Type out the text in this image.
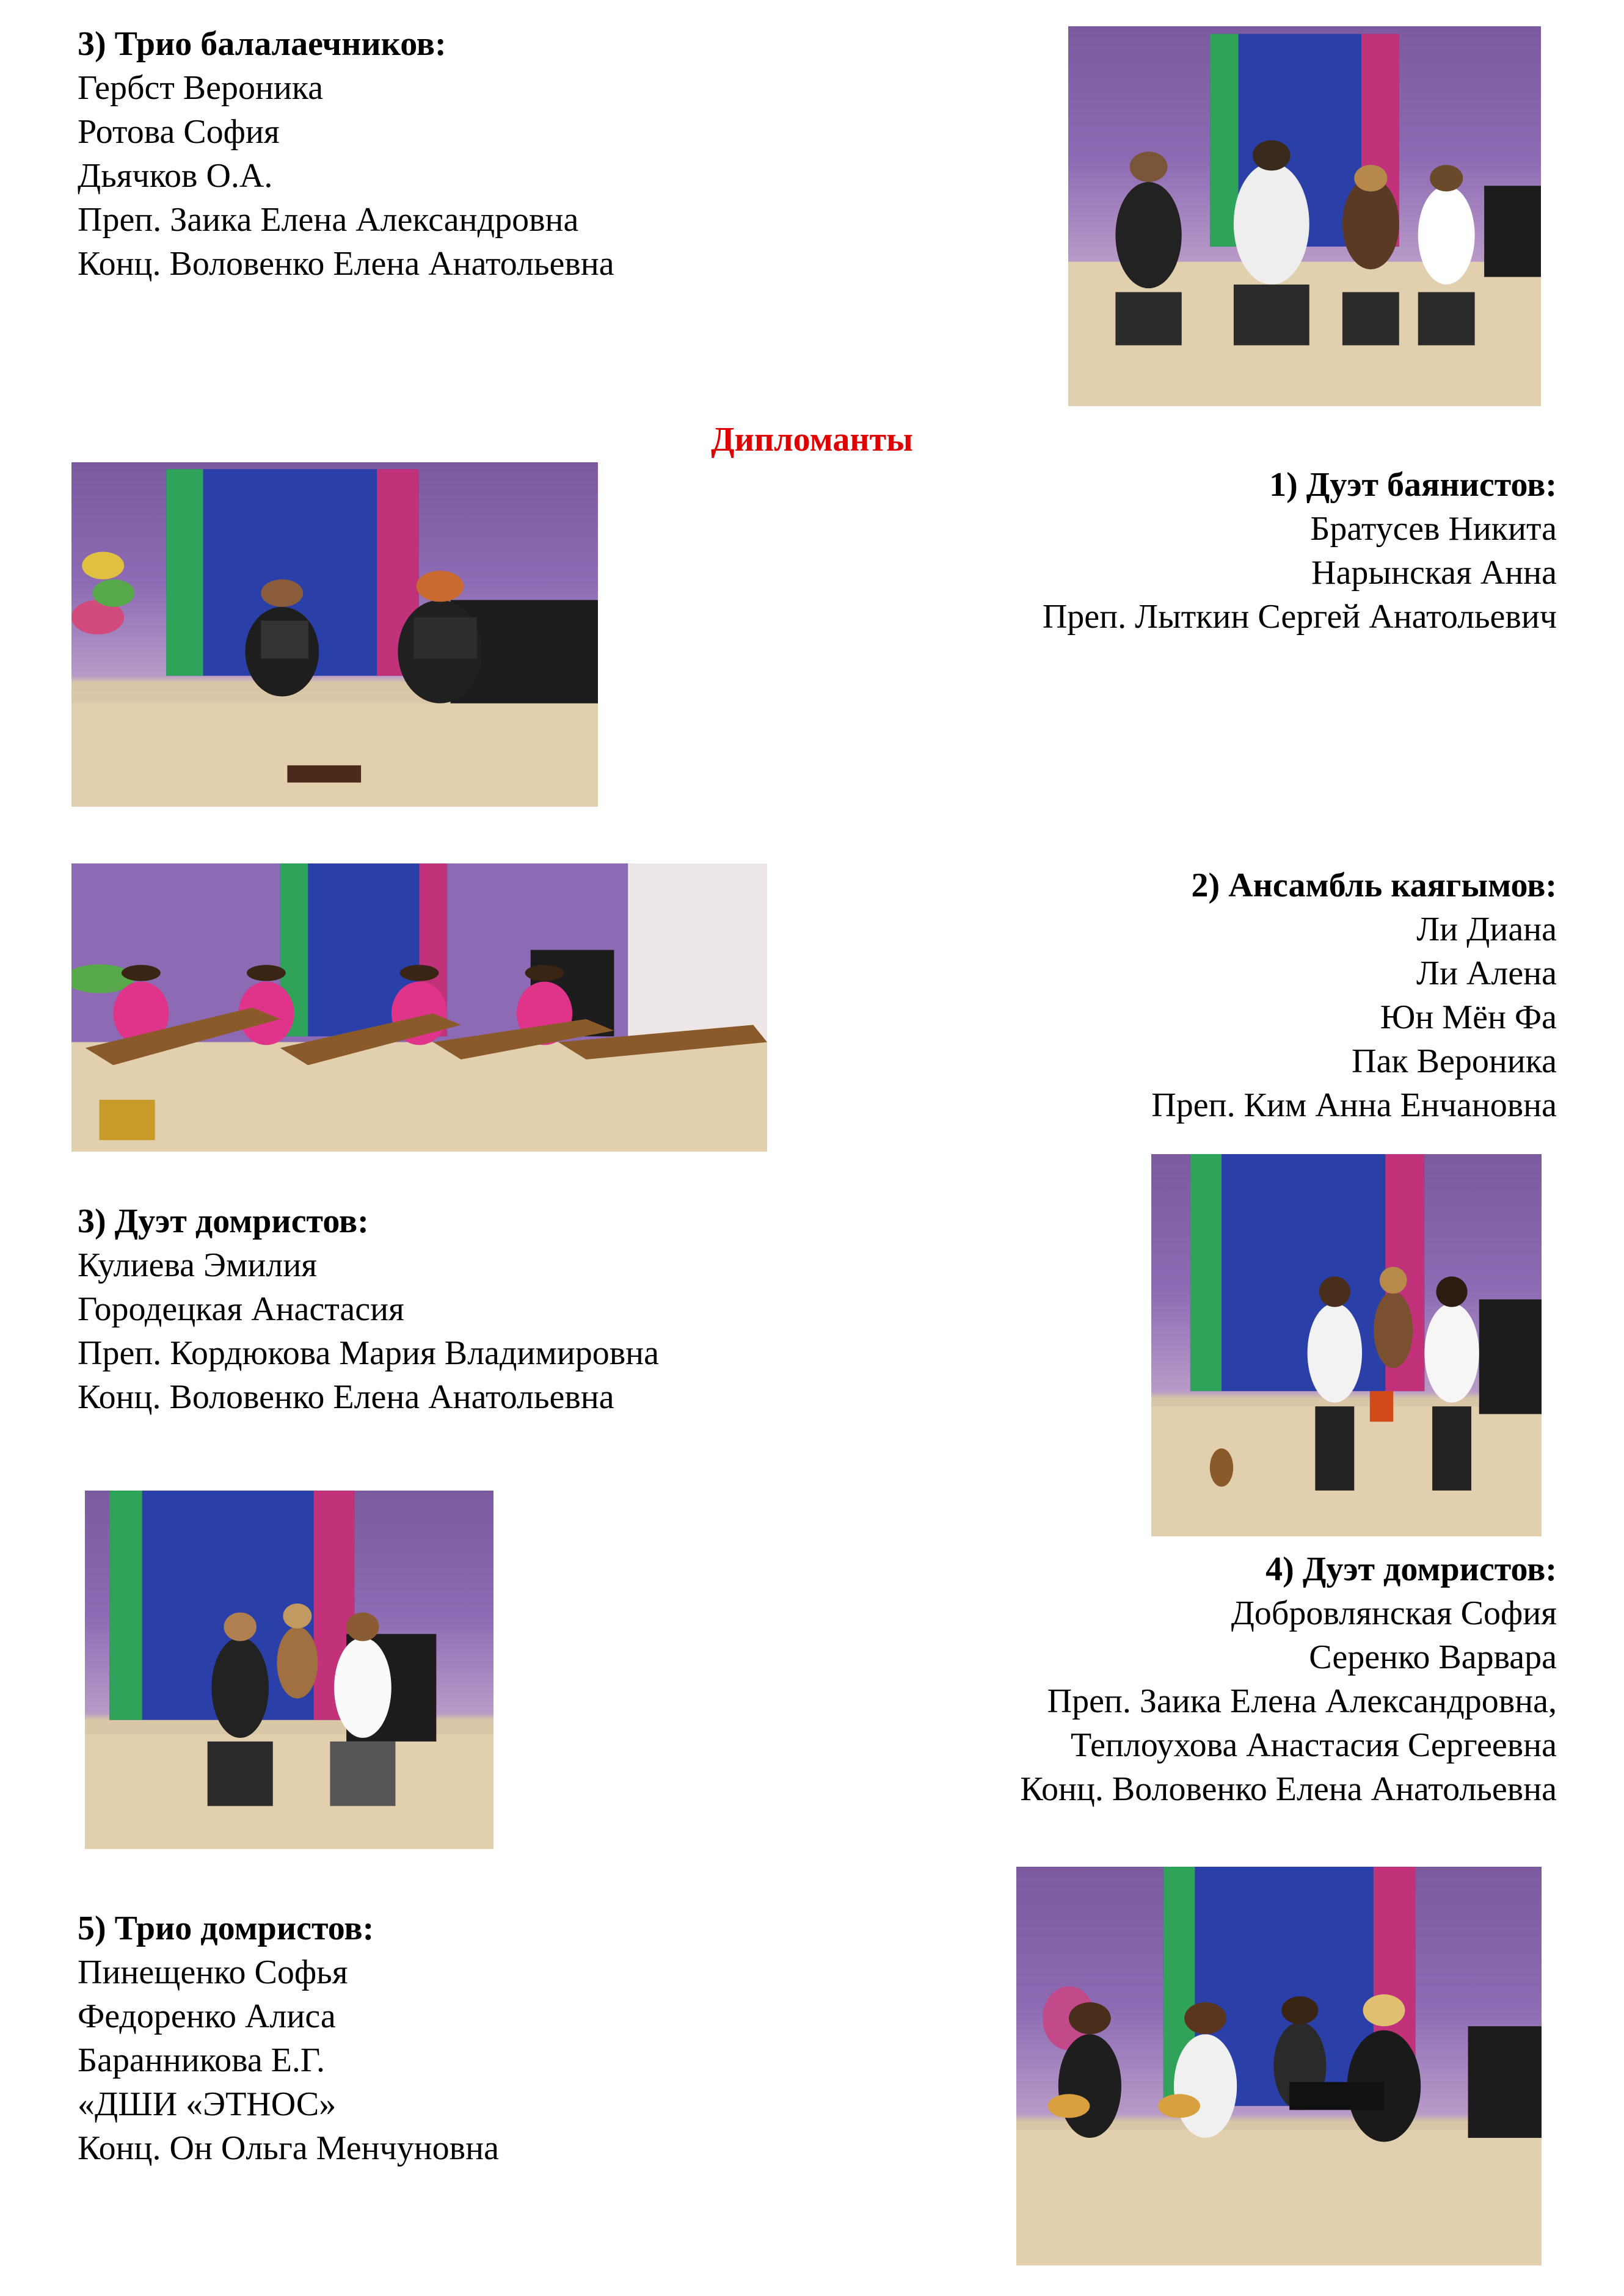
3) Трио балалаечников:
Гербст Вероника
Ротова София
Дьячков О.А.
Преп. Заика Елена Александровна
Конц. Воловенко Елена Анатольевна
Дипломанты
1) Дуэт баянистов:
Братусев Никита
Нарынская Анна
Преп. Лыткин Сергей Анатольевич
2) Ансамбль каягымов:
Ли Диана
Ли Алена
Юн Мён Фа
Пак Вероника
Преп. Ким Анна Енчановна
3) Дуэт домристов:
Кулиева Эмилия
Городецкая Анастасия
Преп. Кордюкова Мария Владимировна
Конц. Воловенко Елена Анатольевна
4) Дуэт домристов:
Добровлянская София
Серенко Варвара
Преп. Заика Елена Александровна,
Теплоухова Анастасия Сергеевна
Конц. Воловенко Елена Анатольевна
5) Трио домристов:
Пинещенко Софья
Федоренко Алиса
Баранникова Е.Г.
«ДШИ «ЭТНОС»
Конц. Он Ольга Менчуновна
